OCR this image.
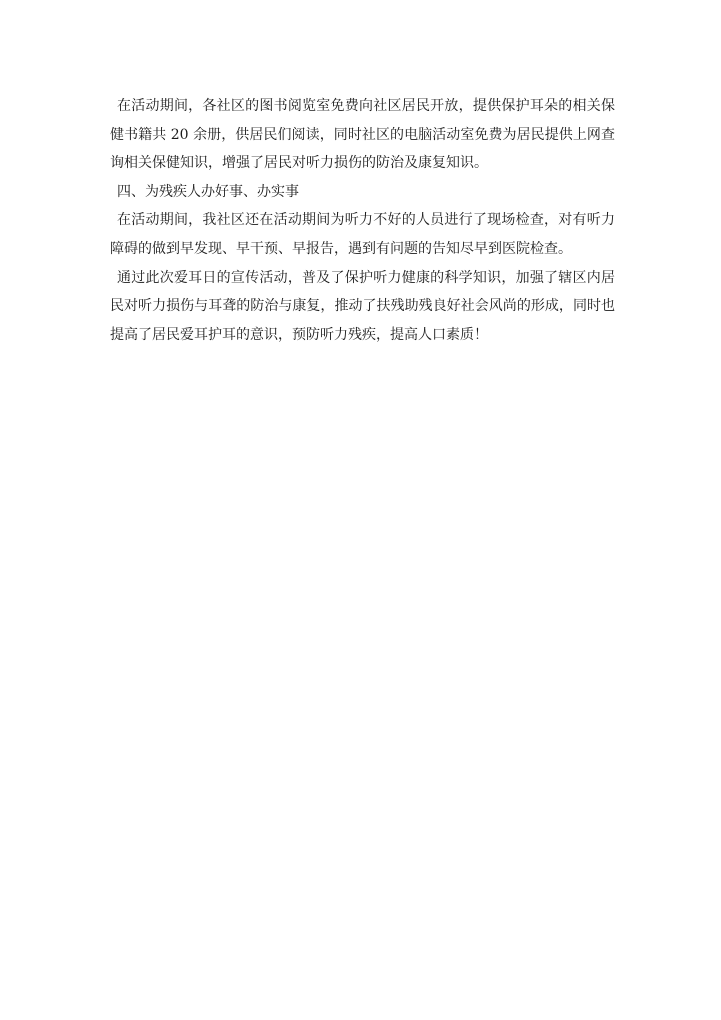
在活动期间，各社区的图书阅览室免费向社区居民开放，提供保护耳朵的相关保健书籍共 20 余册，供居民们阅读，同时社区的电脑活动室免费为居民提供上网查询相关保健知识，增强了居民对听力损伤的防治及康复知识。

四、为残疾人办好事、办实事

在活动期间，我社区还在活动期间为听力不好的人员进行了现场检查，对有听力障碍的做到早发现、早干预、早报告，遇到有问题的告知尽早到医院检查。

通过此次爱耳日的宣传活动，普及了保护听力健康的科学知识，加强了辖区内居民对听力损伤与耳聋的防治与康复，推动了扶残助残良好社会风尚的形成，同时也提高了居民爱耳护耳的意识，预防听力残疾，提高人口素质！
